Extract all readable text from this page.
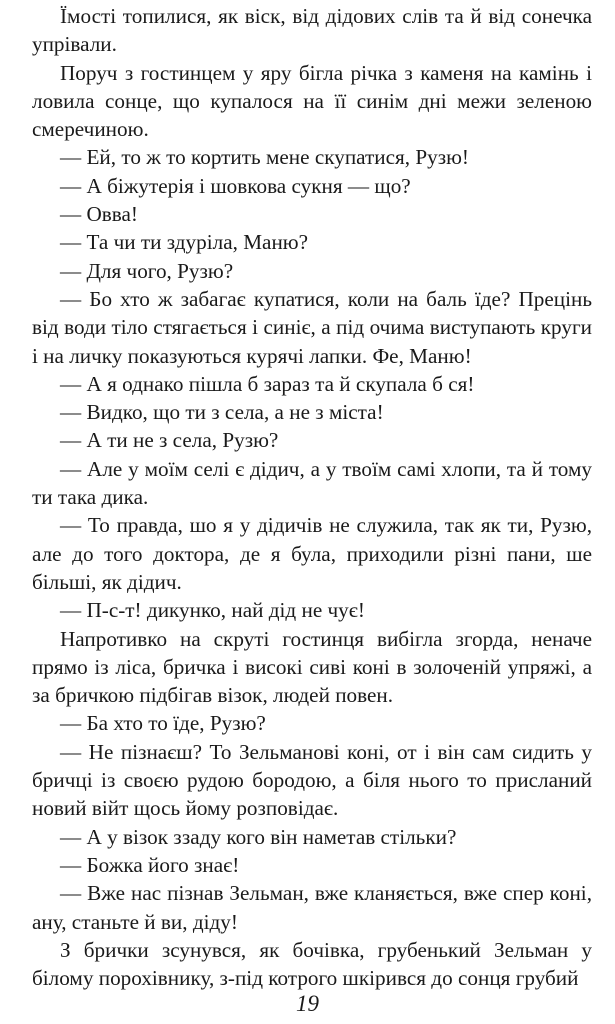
Їмості топилися, як віск, від дідових слів та й від сонечка упрівали.

Поруч з гостинцем у яру бігла річка з каменя на камінь і ловила сонце, що купалося на її синім дні межи зеленою смеречиною.

— Ей, то ж то кортить мене скупатися, Рузю!

— А біжутерія і шовкова сукня — що?

— Овва!

— Та чи ти здуріла, Маню?

— Для чого, Рузю?

— Бо хто ж забагає купатися, коли на баль їде? Прецінь від води тіло стягається і синіє, а під очима виступають круги і на личку показуються курячі лапки. Фе, Маню!

— А я однако пішла б зараз та й скупала б ся!

— Видко, що ти з села, а не з міста!

— А ти не з села, Рузю?

— Але у моїм селі є дідич, а у твоїм самі хлопи, та й тому ти така дика.

— То правда, шо я у дідичів не служила, так як ти, Рузю, але до того доктора, де я була, приходили різні пани, ше більші, як дідич.

— П-с-т! дикунко, най дід не чує!

Напротивко на скруті гостинця вибігла згорда, неначе прямо із ліса, бричка і високі сиві коні в золоченій упряжі, а за бричкою підбігав візок, людей повен.

— Ба хто то їде, Рузю?

— Не пізнаєш? То Зельманові коні, от і він сам сидить у бричці із своєю рудою бородою, а біля нього то присланий новий війт щось йому розповідає.

— А у візок ззаду кого він наметав стільки?

— Божка його знає!

— Вже нас пізнав Зельман, вже кланяється, вже спер коні, ану, станьте й ви, діду!

З брички зсунувся, як бочівка, грубенький Зельман у білому порохівнику, з-під котрого шкірився до сонця грубий

19
